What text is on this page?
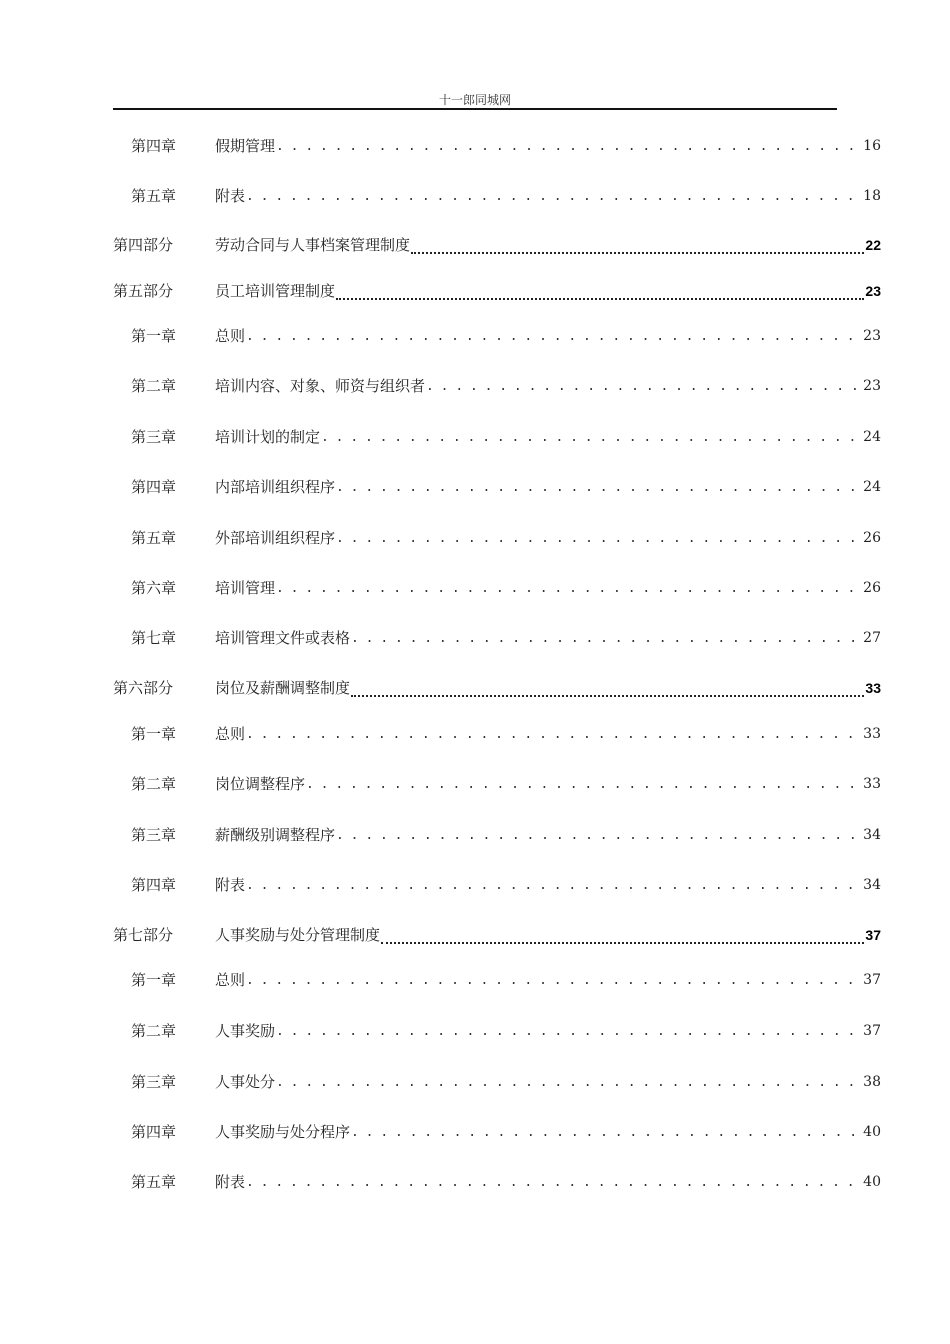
十一郎同城网
第四章	假期管理 . . .	16
第五章	附表 . . .	18
第四部分	劳动合同与人事档案管理制度	22
第五部分	员工培训管理制度	23
第一章	总则 . . .	23
第二章	培训内容、对象、师资与组织者 . . .	23
第三章	培训计划的制定 . . .	24
第四章	内部培训组织程序 . . .	24
第五章	外部培训组织程序 . . .	26
第六章	培训管理 . . .	26
第七章	培训管理文件或表格 . . .	27
第六部分	岗位及薪酬调整制度	33
第一章	总则 . . .	33
第二章	岗位调整程序 . . .	33
第三章	薪酬级别调整程序 . . .	34
第四章	附表 . . .	34
第七部分	人事奖励与处分管理制度	37
第一章	总则 . . .	37
第二章	人事奖励 . . .	37
第三章	人事处分 . . .	38
第四章	人事奖励与处分程序 . . .	40
第五章	附表 . . .	40
